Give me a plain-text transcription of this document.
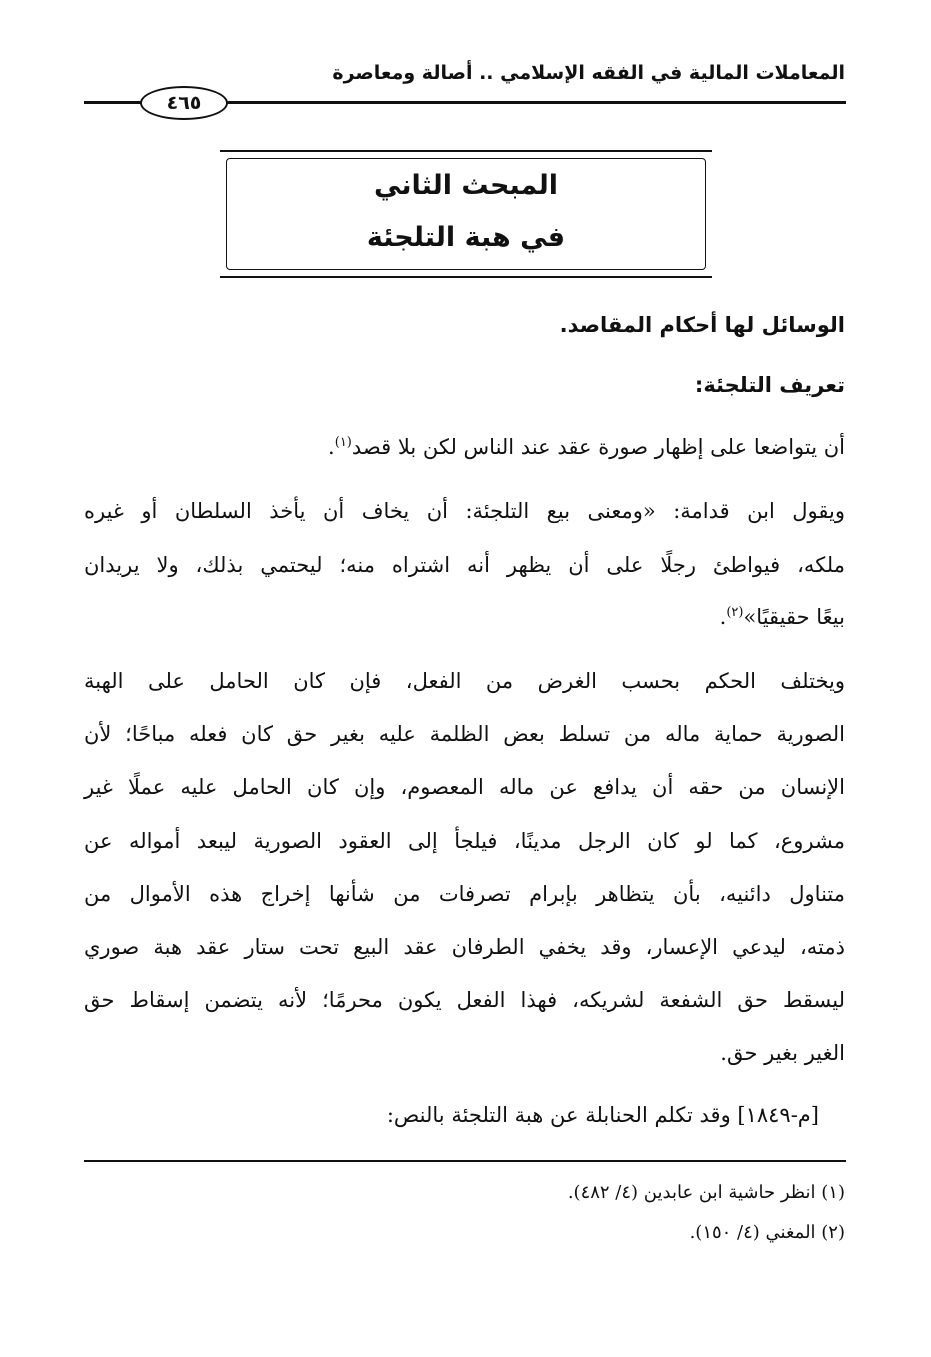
المعاملات المالية في الفقه الإسلامي .. أصالة ومعاصرة
٤٦٥
المبحث الثاني
في هبة التلجئة
الوسائل لها أحكام المقاصد.
تعريف التلجئة:
أن يتواضعا على إظهار صورة عقد عند الناس لكن بلا قصد$^{(١)}$.
ويقول ابن قدامة: «ومعنى بيع التلجئة: أن يخاف أن يأخذ السلطان أو غيره
ملكه، فيواطئ رجلًا على أن يظهر أنه اشتراه منه؛ ليحتمي بذلك، ولا يريدان
بيعًا حقيقيًا»$^{(٢)}$.
ويختلف الحكم بحسب الغرض من الفعل، فإن كان الحامل على الهبة
الصورية حماية ماله من تسلط بعض الظلمة عليه بغير حق كان فعله مباحًا؛ لأن
الإنسان من حقه أن يدافع عن ماله المعصوم، وإن كان الحامل عليه عملًا غير
مشروع، كما لو كان الرجل مدينًا، فيلجأ إلى العقود الصورية ليبعد أمواله عن
متناول دائنيه، بأن يتظاهر بإبرام تصرفات من شأنها إخراج هذه الأموال من
ذمته، ليدعي الإعسار، وقد يخفي الطرفان عقد البيع تحت ستار عقد هبة صوري
ليسقط حق الشفعة لشريكه، فهذا الفعل يكون محرمًا؛ لأنه يتضمن إسقاط حق
الغير بغير حق.
[م-١٨٤٩] وقد تكلم الحنابلة عن هبة التلجئة بالنص:
(١) انظر حاشية ابن عابدين (٤/ ٤٨٢).
(٢) المغني (٤/ ١٥٠).
